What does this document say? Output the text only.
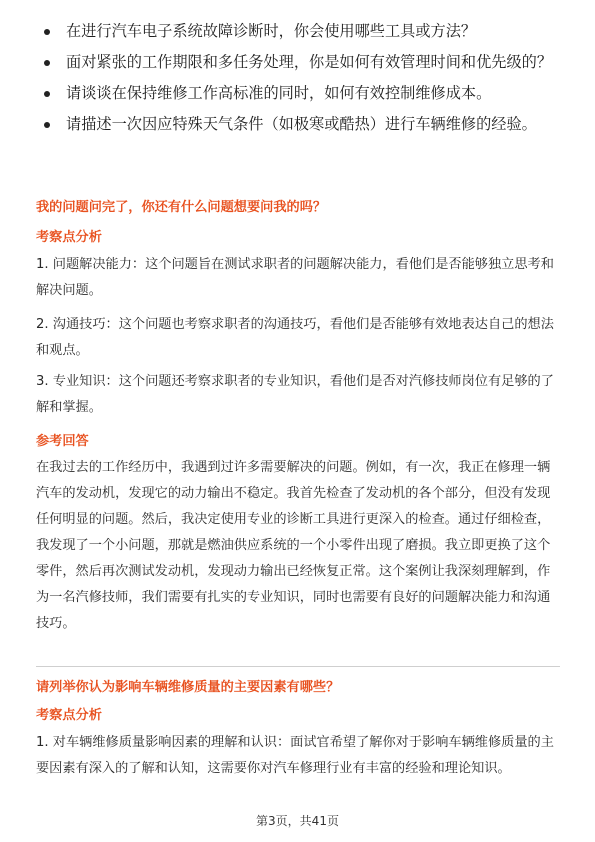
在进行汽车电子系统故障诊断时，你会使用哪些工具或方法？
面对紧张的工作期限和多任务处理，你是如何有效管理时间和优先级的？
请谈谈在保持维修工作高标准的同时，如何有效控制维修成本。
请描述一次因应特殊天气条件（如极寒或酷热）进行车辆维修的经验。
我的问题问完了，你还有什么问题想要问我的吗？
考察点分析
1. 问题解决能力：这个问题旨在测试求职者的问题解决能力，看他们是否能够独立思考和解决问题。
2. 沟通技巧：这个问题也考察求职者的沟通技巧，看他们是否能够有效地表达自己的想法和观点。
3. 专业知识：这个问题还考察求职者的专业知识，看他们是否对汽修技师岗位有足够的了解和掌握。
参考回答
在我过去的工作经历中，我遇到过许多需要解决的问题。例如，有一次，我正在修理一辆汽车的发动机，发现它的动力输出不稳定。我首先检查了发动机的各个部分，但没有发现任何明显的问题。然后，我决定使用专业的诊断工具进行更深入的检查。通过仔细检查，我发现了一个小问题，那就是燃油供应系统的一个小零件出现了磨损。我立即更换了这个零件，然后再次测试发动机，发现动力输出已经恢复正常。这个案例让我深刻理解到，作为一名汽修技师，我们需要有扎实的专业知识，同时也需要有良好的问题解决能力和沟通技巧。
请列举你认为影响车辆维修质量的主要因素有哪些？
考察点分析
1. 对车辆维修质量影响因素的理解和认识：面试官希望了解你对于影响车辆维修质量的主要因素有深入的了解和认知，这需要你对汽车修理行业有丰富的经验和理论知识。
第3页，共41页
